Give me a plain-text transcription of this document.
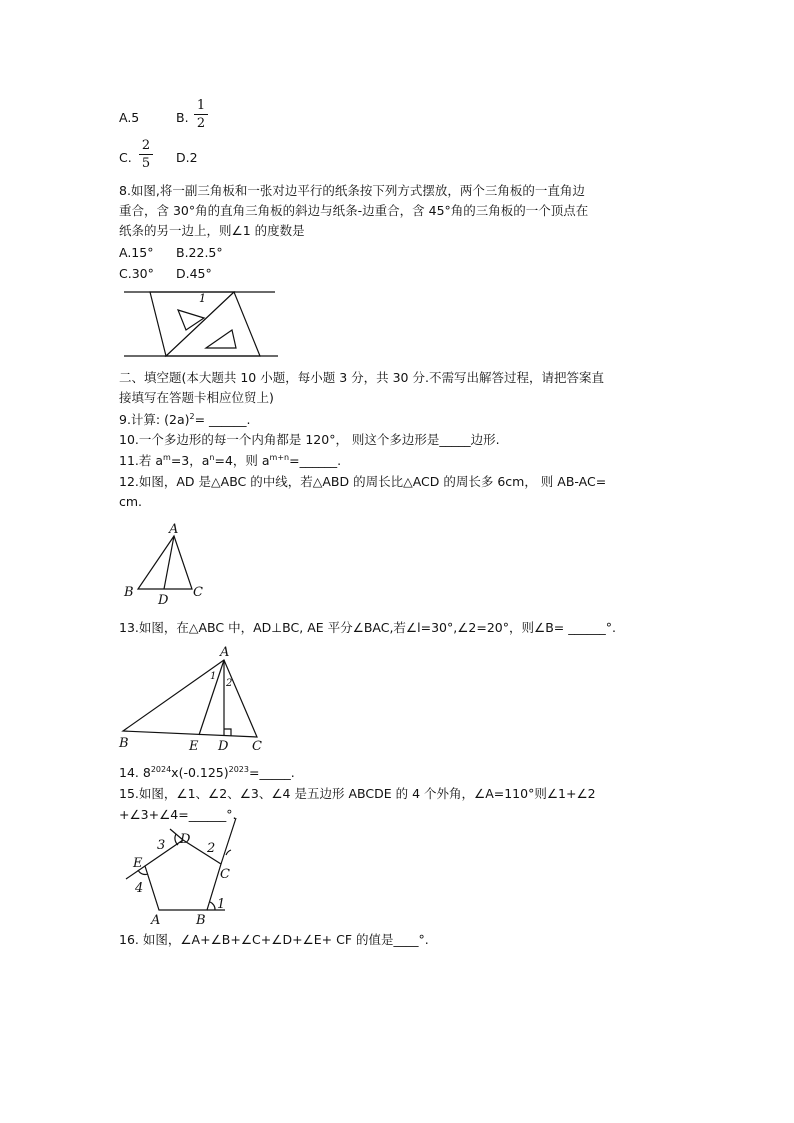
A.5	B.
1
2
C.
2
5 D.2
8.如图,将一副三角板和一张对边平行的纸条按下列方式摆放，两个三角板的一直角边
重合，含 30°角的直角三角板的斜边与纸条-边重合，含 45°角的三角板的一个顶点在
纸条的另一边上，则∠1 的度数是
A.15° B.22.5°
C.30° D.45°
1
二、填空题(本大题共 10 小题，每小题 3 分，共 30 分.不需写出解答过程，请把答案直
接填写在答题卡相应位贸上)
9.计算: $(2a)^2=$ ______.
10.一个多边形的每一个内角都是 120°， 则这个多边形是_____边形.
11.若 $a^m=3$，$a^n=4$，则 $a^{m+n}=\_\_\_\_\_\_$.
12.如图，AD 是△ABC 的中线，若△ABD 的周长比△ACD 的周长多 6cm， 则 AB-AC=
cm.
A
B
D
C
13.如图，在△ABC 中，AD⊥BC, AE 平分∠BAC,若∠l=30°,∠2=20°，则∠B= ______°.
A
B	E D C
1
2
14. $8^{2024}x(-0.125)^{2023}=\_\_\_\_\_$.
15.如图，∠1、∠2、∠3、∠4 是五边形 ABCDE 的 4 个外角，∠A=110°则∠1+∠2
+∠3+∠4=______°.
A	B
C
D
E
1
2
3
4
16. 如图，∠A+∠B+∠C+∠D+∠E+ CF 的值是____°.
